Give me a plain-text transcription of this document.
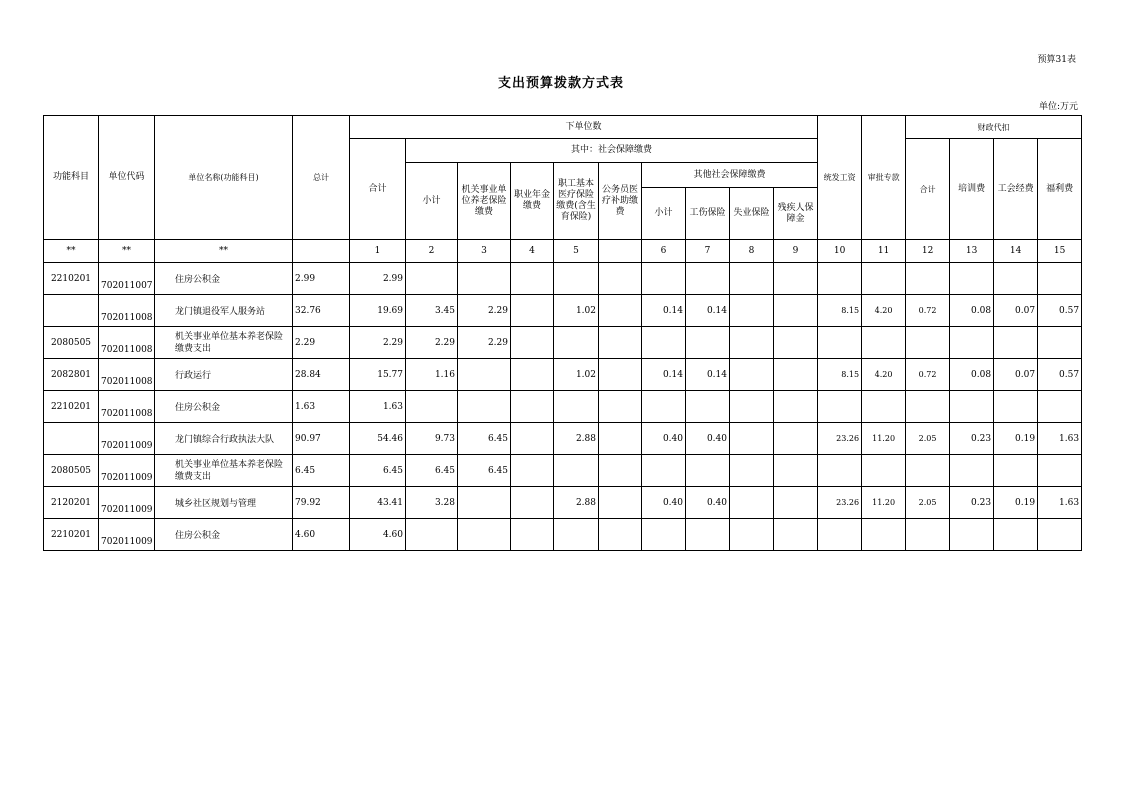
预算31表
支出预算拨款方式表
单位:万元
功能科目	单位代码	单位名称(功能科目)	总计	下单位数										统发工资	审批专款	财政代扣			
				合计	其中：社会保障缴费											合计	培训费	工会经费	福利费
					小计	机关事业单位养老保险缴费	职业年金缴费	职工基本医疗保险缴费(含生育保险)	公务员医疗补助缴费	其他社会保障缴费									
										小计	工伤保险	失业保险	残疾人保障金						
**	**	**		1	2	3	4	5		6	7	8	9	10	11	12	13	14	15
2210201	702011007	住房公积金	2.99	2.99															
	702011008	龙门镇退役军人服务站	32.76	19.69	3.45	2.29		1.02		0.14	0.14			8.15	4.20	0.72	0.08	0.07	0.57
2080505	702011008	机关事业单位基本养老保险缴费支出	2.29	2.29	2.29	2.29													
2082801	702011008	行政运行	28.84	15.77	1.16			1.02		0.14	0.14			8.15	4.20	0.72	0.08	0.07	0.57
2210201	702011008	住房公积金	1.63	1.63															
	702011009	龙门镇综合行政执法大队	90.97	54.46	9.73	6.45		2.88		0.40	0.40			23.26	11.20	2.05	0.23	0.19	1.63
2080505	702011009	机关事业单位基本养老保险缴费支出	6.45	6.45	6.45	6.45													
2120201	702011009	城乡社区规划与管理	79.92	43.41	3.28			2.88		0.40	0.40			23.26	11.20	2.05	0.23	0.19	1.63
2210201	702011009	住房公积金	4.60	4.60															
